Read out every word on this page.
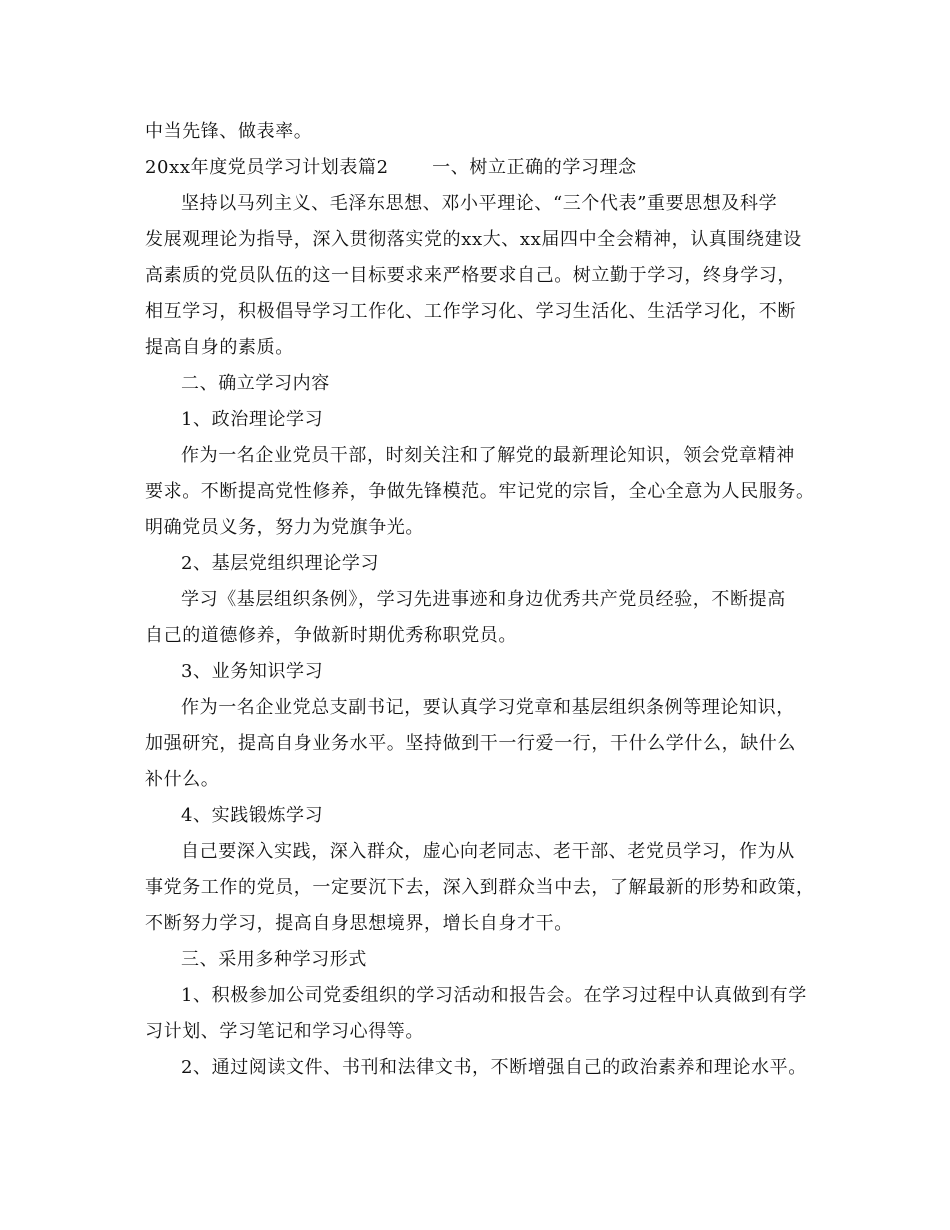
中当先锋、做表率。
20xx年度党员学习计划表篇2　　 一、树立正确的学习理念
坚持以马列主义、毛泽东思想、邓小平理论、“三个代表”重要思想及科学
发展观理论为指导，深入贯彻落实党的xx大、xx届四中全会精神，认真围绕建设
高素质的党员队伍的这一目标要求来严格要求自己。树立勤于学习，终身学习，
相互学习，积极倡导学习工作化、工作学习化、学习生活化、生活学习化，不断
提高自身的素质。
二、确立学习内容
1、政治理论学习
作为一名企业党员干部，时刻关注和了解党的最新理论知识，领会党章精神
要求。不断提高党性修养，争做先锋模范。牢记党的宗旨，全心全意为人民服务。
明确党员义务，努力为党旗争光。
2、基层党组织理论学习
学习《基层组织条例》，学习先进事迹和身边优秀共产党员经验，不断提高
自己的道德修养，争做新时期优秀称职党员。
3、业务知识学习
作为一名企业党总支副书记，要认真学习党章和基层组织条例等理论知识，
加强研究，提高自身业务水平。坚持做到干一行爱一行，干什么学什么，缺什么
补什么。
4、实践锻炼学习
自己要深入实践，深入群众，虚心向老同志、老干部、老党员学习，作为从
事党务工作的党员，一定要沉下去，深入到群众当中去，了解最新的形势和政策，
不断努力学习，提高自身思想境界，增长自身才干。
三、采用多种学习形式
1、积极参加公司党委组织的学习活动和报告会。在学习过程中认真做到有学
习计划、学习笔记和学习心得等。
2、通过阅读文件、书刊和法律文书，不断增强自己的政治素养和理论水平。
